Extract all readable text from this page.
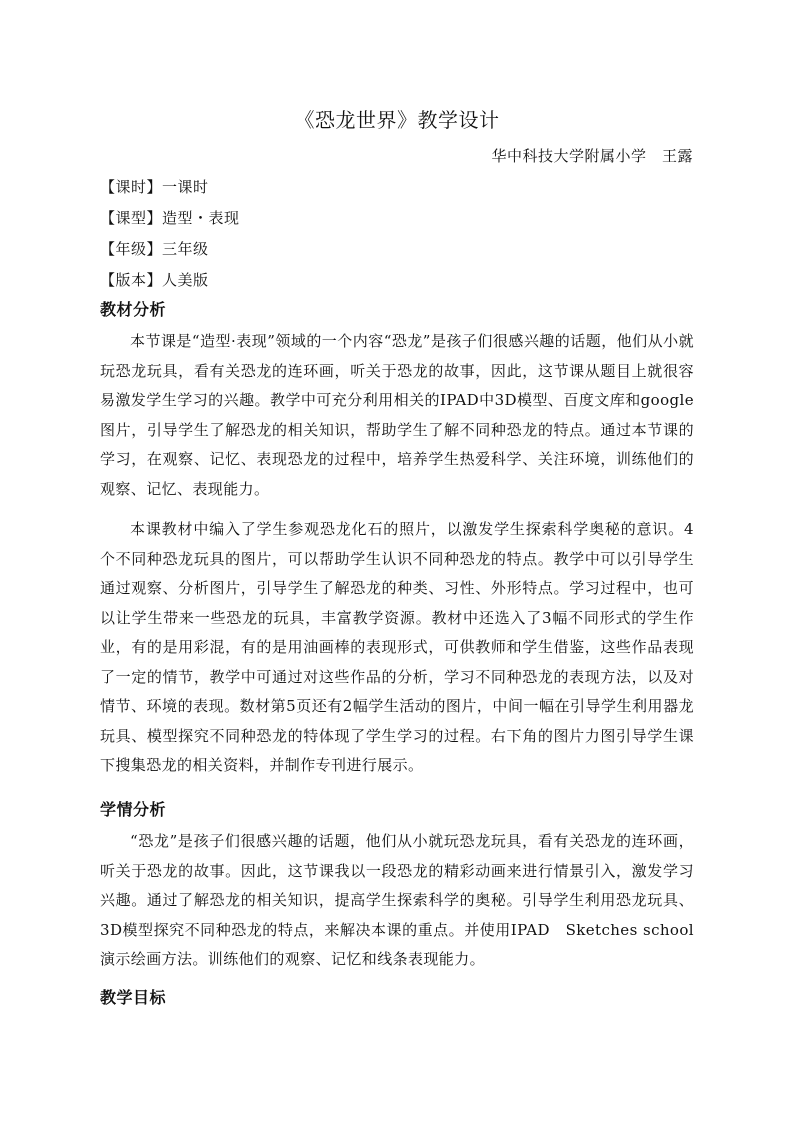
《恐龙世界》教学设计
华中科技大学附属小学　王露
【课时】一课时
【课型】造型・表现
【年级】三年级
【版本】人美版
教材分析

本节课是“造型·表现”领域的一个内容“恐龙”是孩子们很感兴趣的话题，他们从小就玩恐龙玩具，看有关恐龙的连环画，听关于恐龙的故事，因此，这节课从题目上就很容易激发学生学习的兴趣。教学中可充分利用相关的IPAD中3D模型、百度文库和google图片，引导学生了解恐龙的相关知识，帮助学生了解不同种恐龙的特点。通过本节课的学习，在观察、记忆、表现恐龙的过程中，培养学生热爱科学、关注环境，训练他们的观察、记忆、表现能力。

本课教材中编入了学生参观恐龙化石的照片，以激发学生探索科学奥秘的意识。4个不同种恐龙玩具的图片，可以帮助学生认识不同种恐龙的特点。教学中可以引导学生通过观察、分析图片，引导学生了解恐龙的种类、习性、外形特点。学习过程中，也可以让学生带来一些恐龙的玩具，丰富教学资源。教材中还选入了3幅不同形式的学生作业，有的是用彩混，有的是用油画棒的表现形式，可供教师和学生借鉴，这些作品表现了一定的情节，教学中可通过对这些作品的分析，学习不同种恐龙的表现方法，以及对情节、环境的表现。数材第5页还有2幅学生活动的图片，中间一幅在引导学生利用器龙玩具、模型探究不同种恐龙的特体现了学生学习的过程。右下角的图片力图引导学生课下搜集恐龙的相关资料，并制作专刊进行展示。

学情分析

“恐龙”是孩子们很感兴趣的话题，他们从小就玩恐龙玩具，看有关恐龙的连环画，听关于恐龙的故事。因此，这节课我以一段恐龙的精彩动画来进行情景引入，激发学习兴趣。通过了解恐龙的相关知识，提高学生探索科学的奥秘。引导学生利用恐龙玩具、3D模型探究不同种恐龙的特点，来解决本课的重点。并使用IPAD　Sketches school演示绘画方法。训练他们的观察、记忆和线条表现能力。

教学目标
